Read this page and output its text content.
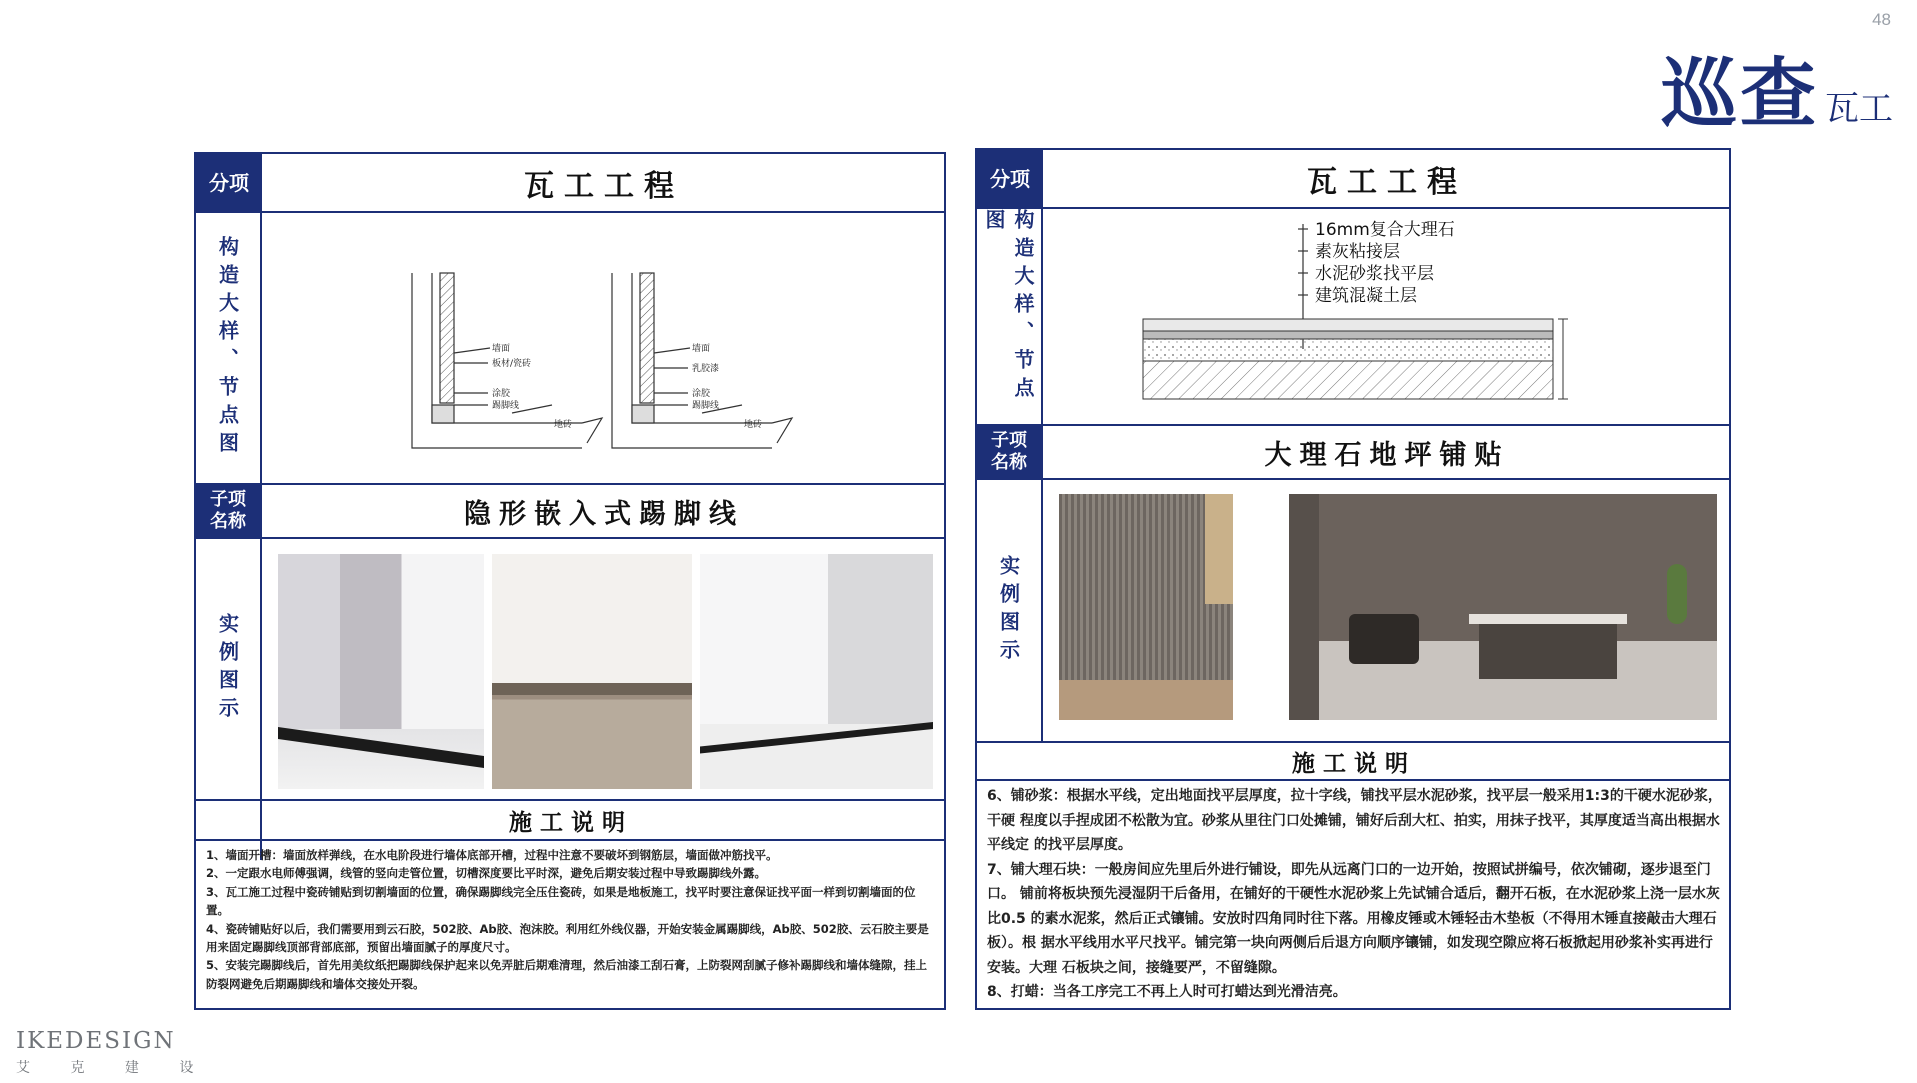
48
巡查 瓦工
IKEDESIGN
艾 克 建 设
分项	瓦工工程
构造大样、节点图	墙面
板材/瓷砖
涂胶
踢脚线
地砖
墙面
乳胶漆
涂胶
踢脚线
地砖
子项名称	隐形嵌入式踢脚线
实例图示
施工说明

1、墙面开槽：墙面放样弹线，在水电阶段进行墙体底部开槽，过程中注意不要破坏到钢筋层，墙面做冲筋找平。

2、一定跟水电师傅强调，线管的竖向走管位置，切槽深度要比平时深，避免后期安装过程中导致踢脚线外露。

3、瓦工施工过程中瓷砖铺贴到切割墙面的位置，确保踢脚线完全压住瓷砖，如果是地板施工，找平时要注意保证找平面一样到切割墙面的位置。

4、瓷砖铺贴好以后，我们需要用到云石胶，502胶、Ab胶、泡沫胶。利用红外线仪器，开始安装金属踢脚线，Ab胶、502胶、云石胶主要是用来固定踢脚线顶部背部底部，预留出墙面腻子的厚度尺寸。

5、安装完踢脚线后，首先用美纹纸把踢脚线保护起来以免弄脏后期难清理，然后油漆工刮石膏，上防裂网刮腻子修补踢脚线和墙体缝隙，挂上防裂网避免后期踢脚线和墙体交接处开裂。

分项	瓦工工程
构造大样、节点图	16mm复合大理石
素灰粘接层
水泥砂浆找平层
建筑混凝土层
子项名称	大理石地坪铺贴
实例图示
施工说明

6、铺砂浆：根据水平线，定出地面找平层厚度，拉十字线，铺找平层水泥砂浆，找平层一般采用1:3的干硬水泥砂浆，干硬 程度以手捏成团不松散为宜。砂浆从里往门口处摊铺，铺好后刮大杠、拍实，用抹子找平，其厚度适当高出根据水平线定 的找平层厚度。

7、铺大理石块：一般房间应先里后外进行铺设，即先从远离门口的一边开始，按照试拼编号，依次铺砌，逐步退至门口。 铺前将板块预先浸湿阴干后备用，在铺好的干硬性水泥砂浆上先试铺合适后，翻开石板，在水泥砂浆上浇一层水灰比0.5 的素水泥浆，然后正式镶铺。安放时四角同时往下落。用橡皮锤或木锤轻击木垫板（不得用木锤直接敲击大理石板）。根 据水平线用水平尺找平。铺完第一块向两侧后后退方向顺序镶铺，如发现空隙应将石板掀起用砂浆补实再进行安装。大理 石板块之间，接缝要严，不留缝隙。

8、打蜡：当各工序完工不再上人时可打蜡达到光滑洁亮。
